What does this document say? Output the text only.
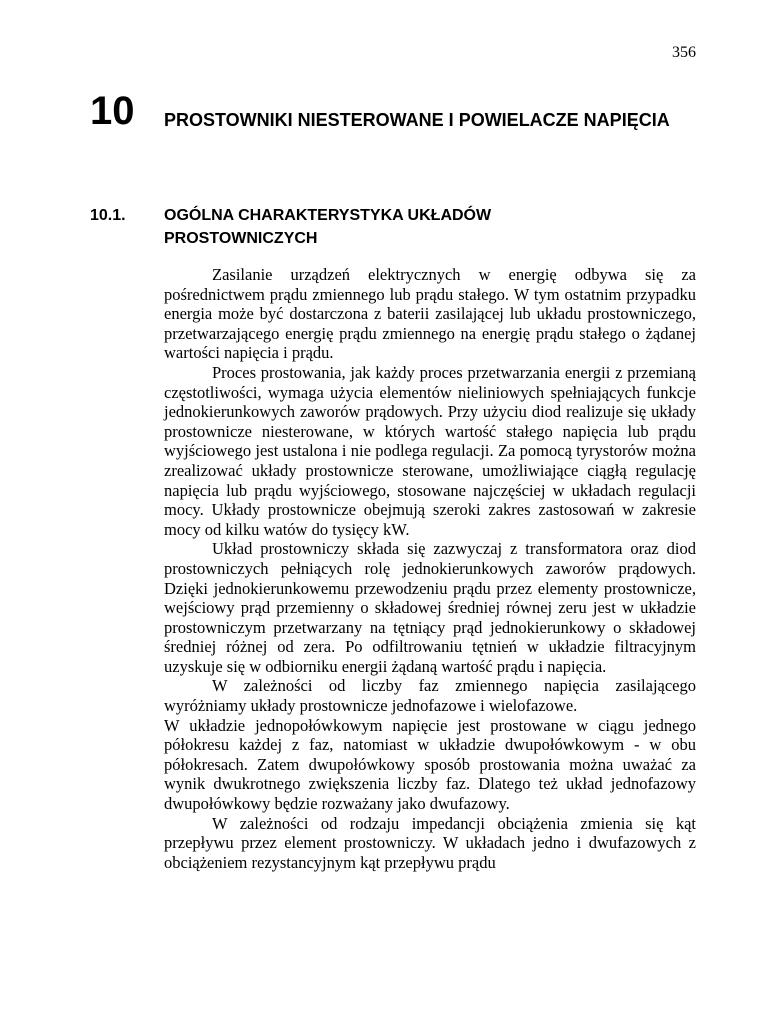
356
10 PROSTOWNIKI NIESTEROWANE I POWIELACZE NAPIĘCIA
10.1. OGÓLNA CHARAKTERYSTYKA UKŁADÓW PROSTOWNICZYCH

Zasilanie urządzeń elektrycznych w energię odbywa się za pośrednictwem prądu zmiennego lub prądu stałego. W tym ostatnim przypadku energia może być dostarczona z baterii zasilającej lub układu prostowniczego, przetwarzającego energię prądu zmiennego na energię prądu stałego o żądanej wartości napięcia i prądu.

Proces prostowania, jak każdy proces przetwarzania energii z przemianą częstotliwości, wymaga użycia elementów nieliniowych spełniających funkcje jednokierunkowych zaworów prądowych. Przy użyciu diod realizuje się układy prostownicze niesterowane, w których wartość stałego napięcia lub prądu wyjściowego jest ustalona i nie podlega regulacji. Za pomocą tyrystorów można zrealizować układy prostownicze sterowane, umożliwiające ciągłą regulację napięcia lub prądu wyjściowego, stosowane najczęściej w układach regulacji mocy. Układy prostownicze obejmują szeroki zakres zastosowań w zakresie mocy od kilku watów do tysięcy kW.

Układ prostowniczy składa się zazwyczaj z transformatora oraz diod prostowniczych pełniących rolę jednokierunkowych zaworów prądowych. Dzięki jednokierunkowemu przewodzeniu prądu przez elementy prostownicze, wejściowy prąd przemienny o składowej średniej równej zeru jest w układzie prostowniczym przetwarzany na tętniący prąd jednokierunkowy o składowej średniej różnej od zera. Po odfiltrowaniu tętnień w układzie filtracyjnym uzyskuje się w odbiorniku energii żądaną wartość prądu i napięcia.

W zależności od liczby faz zmiennego napięcia zasilającego wyróżniamy układy prostownicze jednofazowe i wielofazowe.

W układzie jednopołówkowym napięcie jest prostowane w ciągu jednego półokresu każdej z faz, natomiast w układzie dwupołówkowym - w obu półokresach. Zatem dwupołówkowy sposób prostowania można uważać za wynik dwukrotnego zwiększenia liczby faz. Dlatego też układ jednofazowy dwupołówkowy będzie rozważany jako dwufazowy.

W zależności od rodzaju impedancji obciążenia zmienia się kąt przepływu przez element prostowniczy. W układach jedno i dwufazowych z obciążeniem rezystancyjnym kąt przepływu prądu
